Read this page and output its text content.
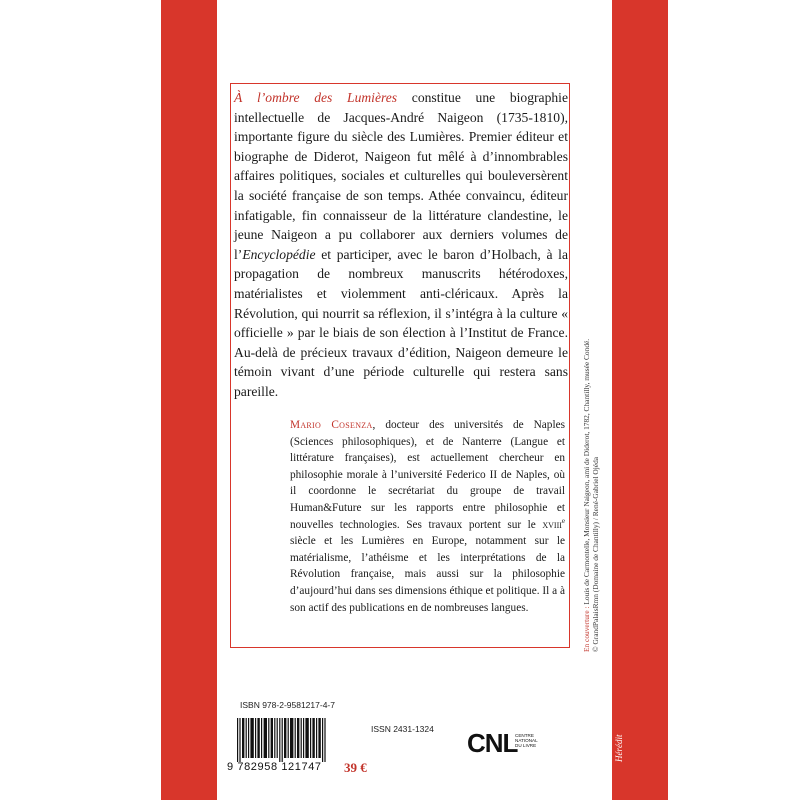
À l’ombre des Lumières constitue une biographie intellectuelle de Jacques-André Naigeon (1735-1810), importante figure du siècle des Lumières. Premier éditeur et biographe de Diderot, Naigeon fut mêlé à d’innombrables affaires politiques, sociales et culturelles qui bouleversèrent la société française de son temps. Athée convaincu, éditeur infatigable, fin connaisseur de la littérature clandestine, le jeune Naigeon a pu collaborer aux derniers volumes de l’Encyclopédie et participer, avec le baron d’Holbach, à la propagation de nombreux manuscrits hétérodoxes, matérialistes et violemment anti-cléricaux. Après la Révolution, qui nourrit sa réflexion, il s’intégra à la culture « officielle » par le biais de son élection à l’Institut de France. Au-delà de précieux travaux d’édition, Naigeon demeure le témoin vivant d’une période culturelle qui restera sans pareille.
Mario Cosenza, docteur des universités de Naples (Sciences philosophiques), et de Nanterre (Langue et littérature françaises), est actuellement chercheur en philosophie morale à l’université Federico II de Naples, où il coordonne le secrétariat du groupe de travail Human&Future sur les rapports entre philosophie et nouvelles technologies. Ses travaux portent sur le xviii$^e$ siècle et les Lumières en Europe, notamment sur le matérialisme, l’athéisme et les interprétations de la Révolution française, mais aussi sur la philosophie d’aujourd’hui dans ses dimensions éthique et politique. Il a à son actif des publications en de nombreuses langues.
ISBN 978-2-9581217-4-7
ISSN 2431-1324
9 782958 121747	39 €
CNL
CENTRE NATIONAL DU LIVRE
En couverture : Louis de Carmontelle, Monsieur Naigeon, ami de Diderot, 1782, Chantilly, musée Condé. © GrandPalaisRmn (Domaine de Chantilly) / René-Gabriel Ojéda
Hérédit
